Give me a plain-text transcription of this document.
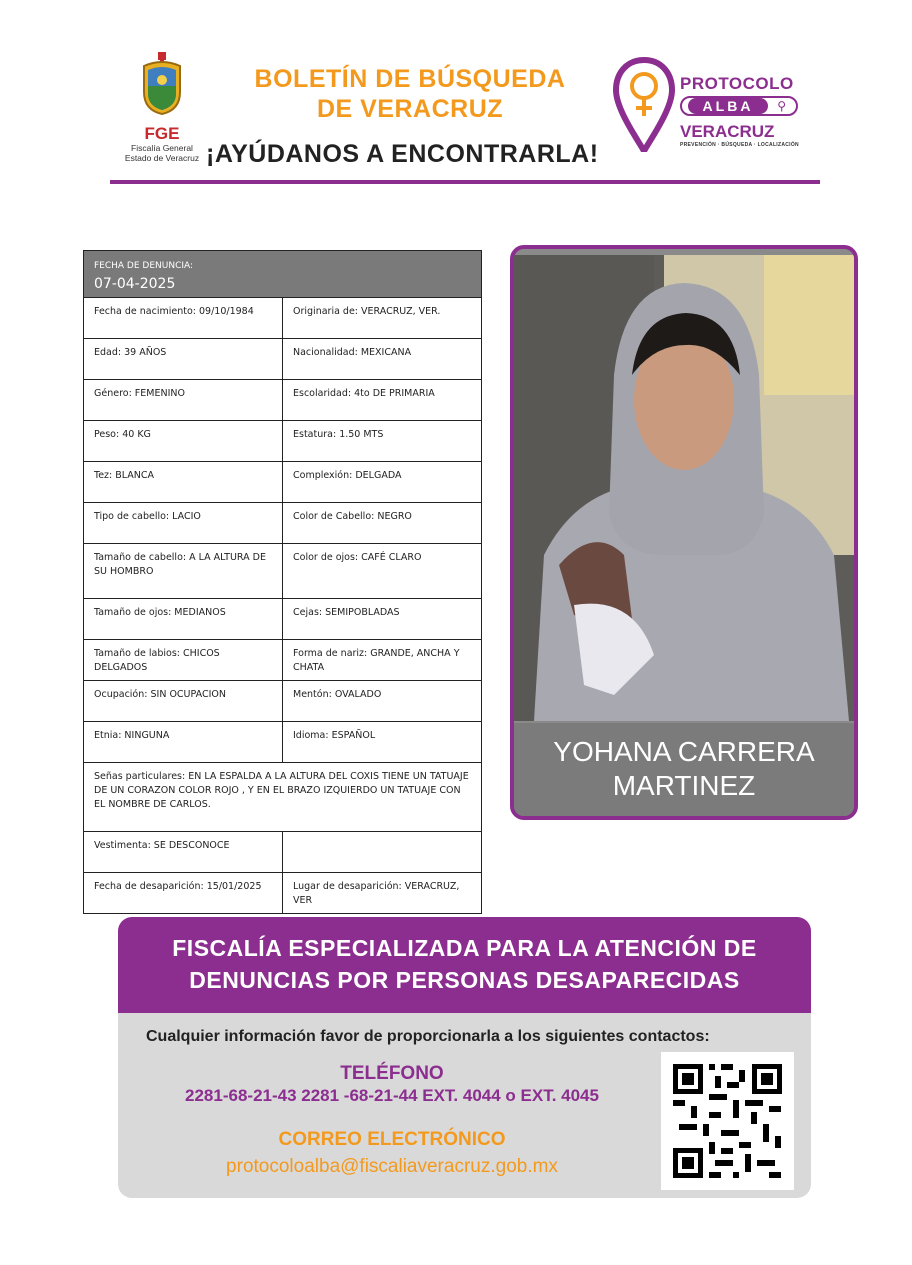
FGE
Fiscalía General
Estado de Veracruz
BOLETÍN DE BÚSQUEDA
DE VERACRUZ
¡AYÚDANOS A ENCONTRARLA!
PROTOCOLO
ALBA	⚲
VERACRUZ
PREVENCIÓN · BÚSQUEDA · LOCALIZACIÓN
FECHA DE DENUNCIA:
07-04-2025	

Fecha de nacimiento: 09/10/1984	Originaria de: VERACRUZ, VER.
Edad: 39 AÑOS	Nacionalidad: MEXICANA
Género: FEMENINO	Escolaridad: 4to DE PRIMARIA
Peso: 40 KG	Estatura: 1.50 MTS
Tez: BLANCA	Complexión: DELGADA
Tipo de cabello: LACIO	Color de Cabello: NEGRO
Tamaño de cabello: A LA ALTURA DE SU HOMBRO	Color de ojos: CAFÉ CLARO
Tamaño de ojos: MEDIANOS	Cejas: SEMIPOBLADAS
Tamaño de labios: CHICOS DELGADOS	Forma de nariz: GRANDE, ANCHA Y CHATA
Ocupación: SIN OCUPACION	Mentón: OVALADO
Etnia: NINGUNA	Idioma: ESPAÑOL
Señas particulares: EN LA ESPALDA A LA ALTURA DEL COXIS TIENE UN TATUAJE DE UN CORAZON COLOR ROJO , Y EN EL BRAZO IZQUIERDO UN TATUAJE CON EL NOMBRE DE CARLOS.	
Vestimenta: SE DESCONOCE	
Fecha de desaparición: 15/01/2025	Lugar de desaparición: VERACRUZ, VER
YOHANA CARRERA
MARTINEZ
FISCALÍA ESPECIALIZADA PARA LA ATENCIÓN DE
DENUNCIAS POR PERSONAS DESAPARECIDAS
Cualquier información favor de proporcionarla a los siguientes contactos:
TELÉFONO
2281-68-21-43 2281 -68-21-44 EXT. 4044 o EXT. 4045
CORREO ELECTRÓNICO
protocoloalba@fiscaliaveracruz.gob.mx
